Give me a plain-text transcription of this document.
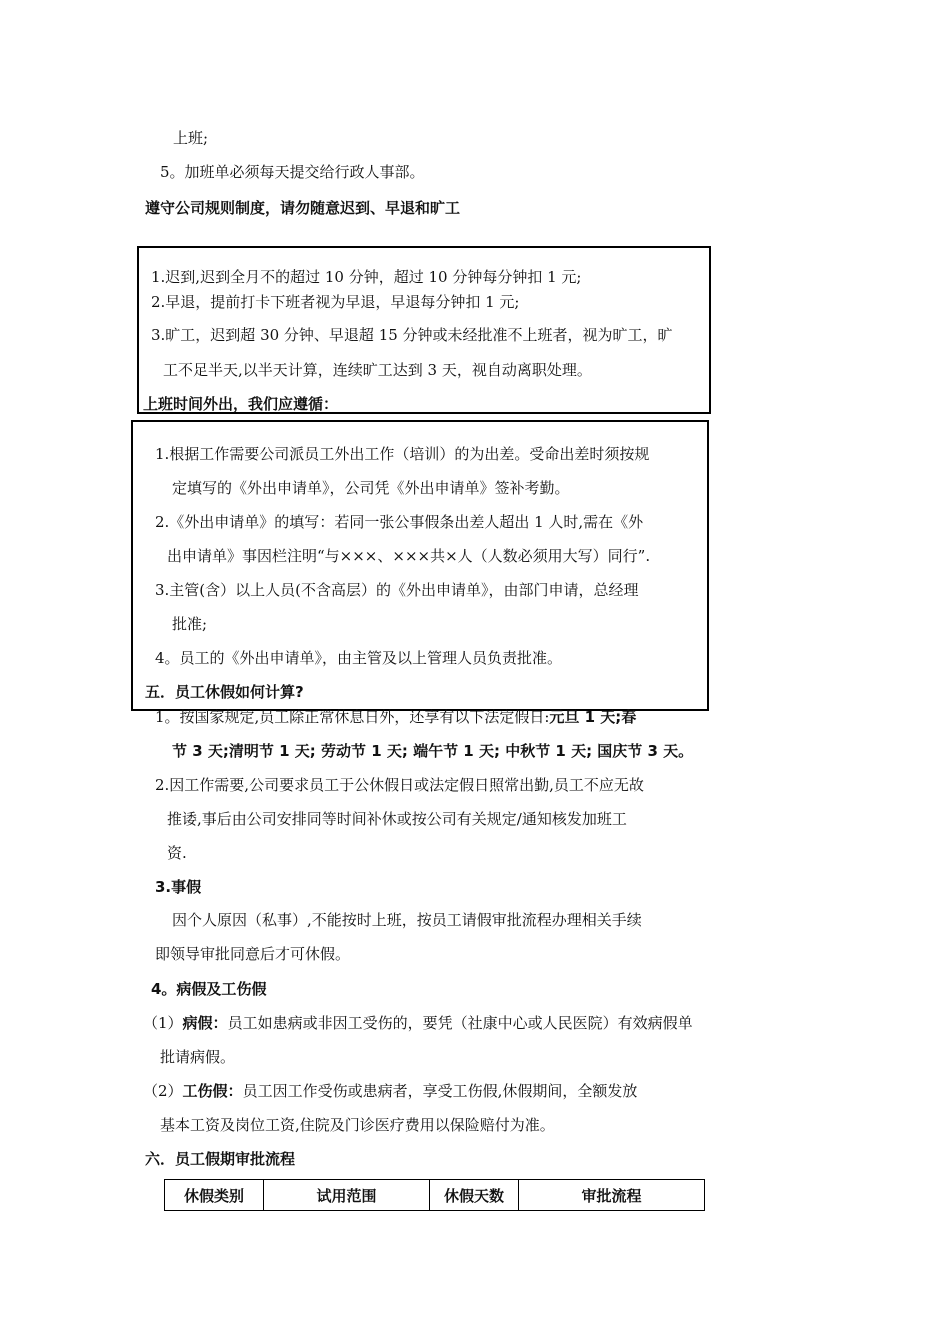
上班;
5。加班单必须每天提交给行政人事部。
遵守公司规则制度，请勿随意迟到、早退和旷工
1.迟到,迟到全月不的超过 10 分钟，超过 10 分钟每分钟扣 1 元;
2.早退，提前打卡下班者视为早退，早退每分钟扣 1 元;
3.旷工，迟到超 30 分钟、早退超 15 分钟或未经批准不上班者，视为旷工，旷
工不足半天,以半天计算，连续旷工达到 3 天，视自动离职处理。
上班时间外出，我们应遵循：
1.根据工作需要公司派员工外出工作（培训）的为出差。受命出差时须按规
定填写的《外出申请单》，公司凭《外出申请单》签补考勤。
2.《外出申请单》的填写：若同一张公事假条出差人超出 1 人时,需在《外
出申请单》事因栏注明“与×××、×××共×人（人数必须用大写）同行”.
3.主管(含）以上人员(不含高层）的《外出申请单》，由部门申请，总经理
批准;
4。员工的《外出申请单》，由主管及以上管理人员负责批准。
五．员工休假如何计算?
1。按国家规定,员工除正常休息日外，还享有以下法定假日:元旦 1 天;春
节 3 天;清明节 1 天; 劳动节 1 天; 端午节 1 天; 中秋节 1 天; 国庆节 3 天。
2.因工作需要,公司要求员工于公休假日或法定假日照常出勤,员工不应无故
推诿,事后由公司安排同等时间补休或按公司有关规定/通知核发加班工
资.
3.事假
因个人原因（私事）,不能按时上班，按员工请假审批流程办理相关手续
即领导审批同意后才可休假。
4。病假及工伤假
（1）病假：员工如患病或非因工受伤的，要凭（社康中心或人民医院）有效病假单
批请病假。
（2）工伤假：员工因工作受伤或患病者，享受工伤假,休假期间，全额发放
基本工资及岗位工资,住院及门诊医疗费用以保险赔付为准。
六．员工假期审批流程
休假类别	试用范围	休假天数	审批流程
